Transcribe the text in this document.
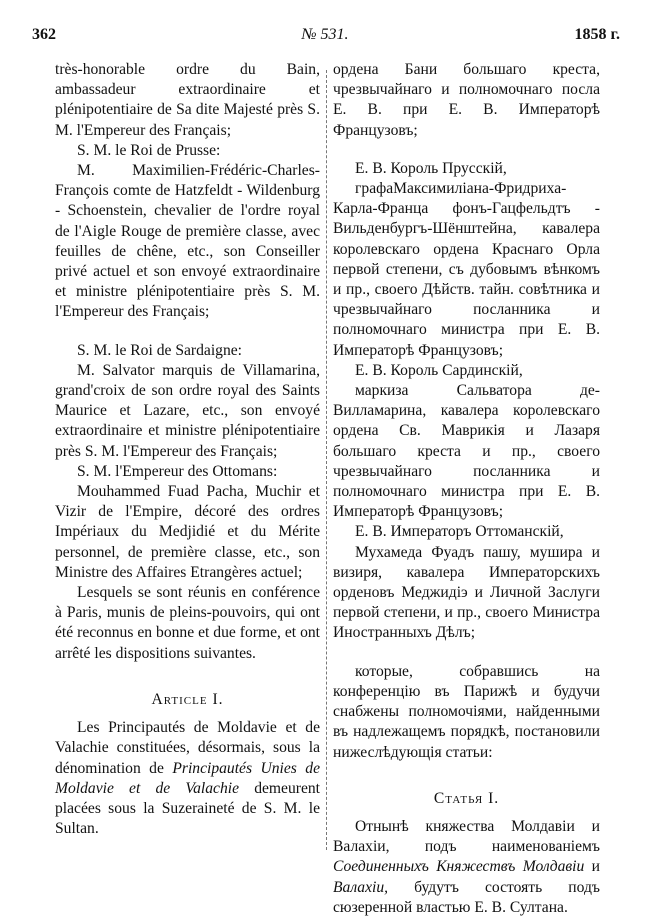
362	№ 531.	1858 г.

très-honorable ordre du Bain, ambassadeur extraordinaire et plénipotentiaire de Sa dite Majesté près S. M. l'Empereur des Français;

S. M. le Roi de Prusse:

M. Maximilien-Frédéric-Charles-François comte de Hatzfeldt - Wildenburg - Schoenstein, chevalier de l'ordre royal de l'Aigle Rouge de première classe, avec feuilles de chêne, etc., son Conseiller privé actuel et son envoyé extraordinaire et ministre plénipotentiaire près S. M. l'Empereur des Français;

S. M. le Roi de Sardaigne:

M. Salvator marquis de Villamarina, grand'croix de son ordre royal des Saints Maurice et Lazare, etc., son envoyé extraordinaire et ministre plénipotentiaire près S. M. l'Empereur des Français;

S. M. l'Empereur des Ottomans:

Mouhammed Fuad Pacha, Muchir et Vizir de l'Empire, décoré des ordres Impériaux du Medjidié et du Mérite personnel, de première classe, etc., son Ministre des Affaires Etrangères actuel;

Lesquels se sont réunis en conférence à Paris, munis de pleins-pouvoirs, qui ont été reconnus en bonne et due forme, et ont arrêté les dispositions suivantes.

Article I.

Les Principautés de Moldavie et de Valachie constituées, désormais, sous la dénomination de Principautés Unies de Moldavie et de Valachie demeurent placées sous la Suzeraineté de S. M. le Sultan.

ордена Бани большаго креста, чрезвычайнаго и полномочнаго посла Е. В. при Е. В. Императорѣ Французовъ;

Е. В. Король Прусскій,

графаМаксимиліана-Фридриха-Карла-Франца фонъ-Гацфельдтъ - Вильденбургъ-Шёнштейна, кавалера королевскаго ордена Краснаго Орла первой степени, съ дубовымъ вѣнкомъ и пр., своего Дѣйств. тайн. совѣтника и чрезвычайнаго посланника и полномочнаго министра при Е. В. Императорѣ Французовъ;

Е. В. Король Сардинскій,

маркиза Сальватора де-Вилламарина, кавалера королевскаго ордена Св. Маврикія и Лазаря большаго креста и пр., своего чрезвычайнаго посланника и полномочнаго министра при Е. В. Императорѣ Французовъ;

Е. В. Императоръ Оттоманскій,

Мухамеда Фуадъ пашу, мушира и визиря, кавалера Императорскихъ орденовъ Меджидіэ и Личной Заслуги первой степени, и пр., своего Министра Иностранныхъ Дѣлъ;

которые, собравшись на конференцію въ Парижѣ и будучи снабжены полномочіями, найденными въ надлежащемъ порядкѣ, постановили нижеслѣдующія статьи:

Статья I.

Отнынѣ княжества Молдавіи и Валахіи, подъ наименованіемъ Соединенныхъ Княжествъ Молдавіи и Валахіи, будутъ состоять подъ сюзеренной властью Е. В. Султана.
